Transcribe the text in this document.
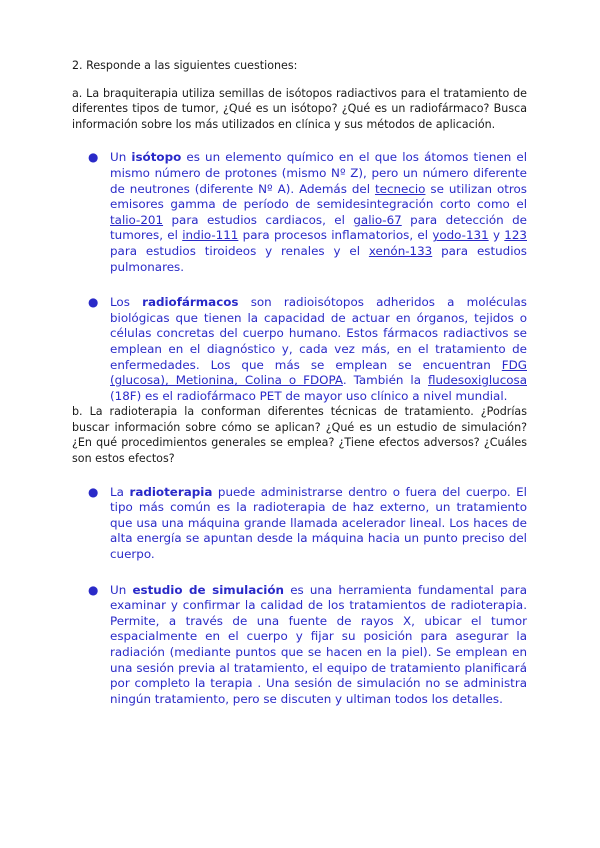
2. Responde a las siguientes cuestiones:

a. La braquiterapia utiliza semillas de isótopos radiactivos para el tratamiento de diferentes tipos de tumor, ¿Qué es un isótopo? ¿Qué es un radiofármaco? Busca información sobre los más utilizados en clínica y sus métodos de aplicación.

● Un isótopo es un elemento químico en el que los átomos tienen el mismo número de protones (mismo Nº Z), pero un número diferente de neutrones (diferente Nº A). Además del tecnecio se utilizan otros emisores gamma de período de semidesintegración corto como el talio-201 para estudios cardiacos, el galio-67 para detección de tumores, el indio-111 para procesos inflamatorios, el yodo-131 y 123 para estudios tiroideos y renales y el xenón-133 para estudios pulmonares.
● Los radiofármacos son radioisótopos adheridos a moléculas biológicas que tienen la capacidad de actuar en órganos, tejidos o células concretas del cuerpo humano. Estos fármacos radiactivos se emplean en el diagnóstico y, cada vez más, en el tratamiento de enfermedades. Los que más se emplean se encuentran FDG (glucosa), Metionina, Colina o FDOPA. También la fludesoxiglucosa (18F) es el radiofármaco PET de mayor uso clínico a nivel mundial.

b. La radioterapia la conforman diferentes técnicas de tratamiento. ¿Podrías buscar información sobre cómo se aplican? ¿Qué es un estudio de simulación? ¿En qué procedimientos generales se emplea? ¿Tiene efectos adversos? ¿Cuáles son estos efectos?

● La radioterapia puede administrarse dentro o fuera del cuerpo. El tipo más común es la radioterapia de haz externo, un tratamiento que usa una máquina grande llamada acelerador lineal. Los haces de alta energía se apuntan desde la máquina hacia un punto preciso del cuerpo.
● Un estudio de simulación es una herramienta fundamental para examinar y confirmar la calidad de los tratamientos de radioterapia. Permite, a través de una fuente de rayos X, ubicar el tumor espacialmente en el cuerpo y fijar su posición para asegurar la radiación (mediante puntos que se hacen en la piel). Se emplean en una sesión previa al tratamiento, el equipo de tratamiento planificará por completo la terapia . Una sesión de simulación no se administra ningún tratamiento, pero se discuten y ultiman todos los detalles.
